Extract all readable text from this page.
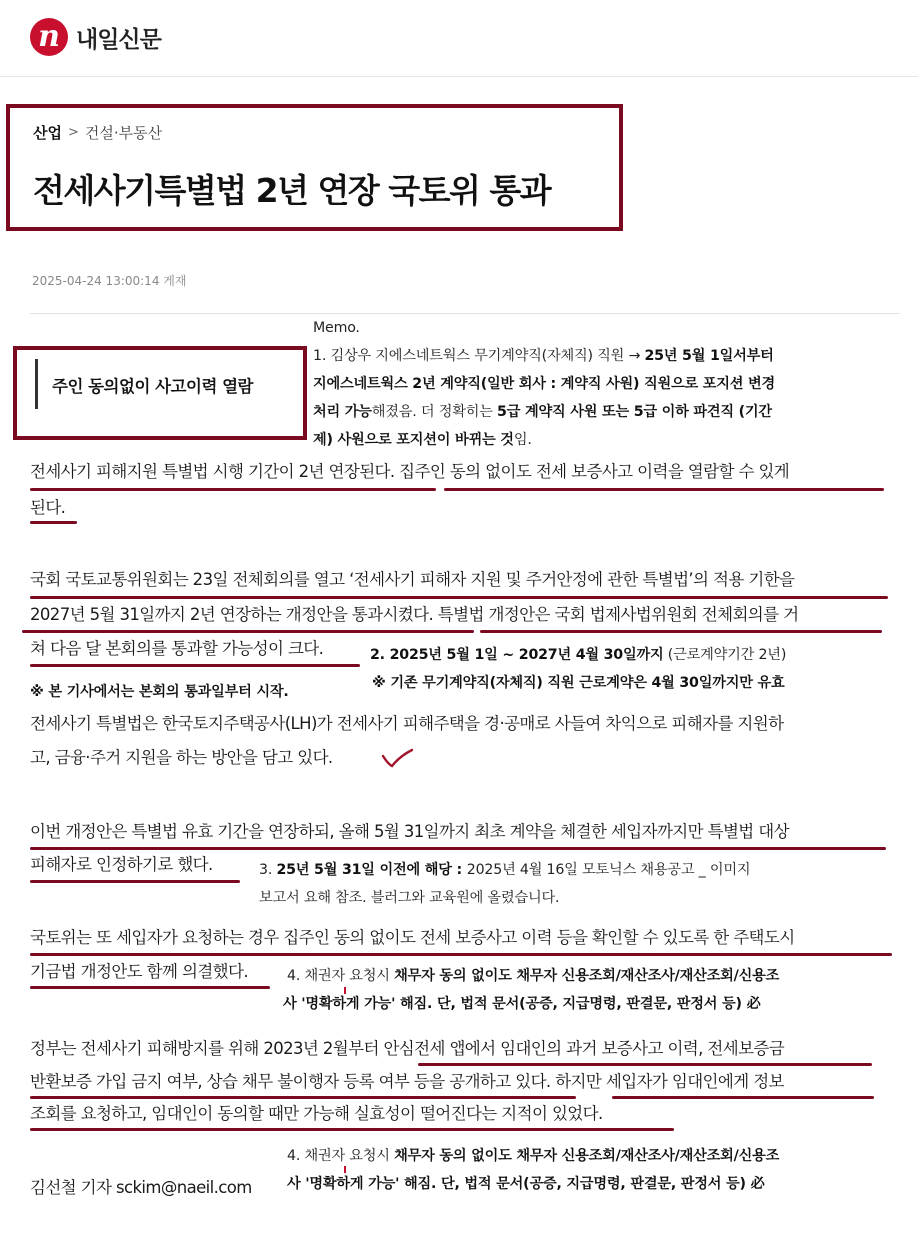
n 내일신문
산업 > 건설·부동산
전세사기특별법 2년 연장 국토위 통과
2025-04-24 13:00:14 게재
주인 동의없이 사고이력 열람
Memo.
1. 김상우 지에스네트웍스 무기계약직(자체직) 직원 → 25년 5월 1일서부터
지에스네트웍스 2년 계약직(일반 회사 : 계약직 사원) 직원으로 포지션 변경
처리 가능해졌음. 더 정확히는 5급 계약직 사원 또는 5급 이하 파견직 (기간
제) 사원으로 포지션이 바뀌는 것임.
전세사기 피해지원 특별법 시행 기간이 2년 연장된다. 집주인 동의 없이도 전세 보증사고 이력을 열람할 수 있게
된다.
국회 국토교통위원회는 23일 전체회의를 열고 ‘전세사기 피해자 지원 및 주거안정에 관한 특별법’의 적용 기한을
2027년 5월 31일까지 2년 연장하는 개정안을 통과시켰다. 특별법 개정안은 국회 법제사법위원회 전체회의를 거
쳐 다음 달 본회의를 통과할 가능성이 크다.	2. 2025년 5월 1일 ~ 2027년 4월 30일까지 (근로계약기간 2년)
※ 기존 무기계약직(자체직) 직원 근로계약은 4월 30일까지만 유효
※ 본 기사에서는 본회의 통과일부터 시작.
전세사기 특별법은 한국토지주택공사(LH)가 전세사기 피해주택을 경·공매로 사들여 차익으로 피해자를 지원하
고, 금융·주거 지원을 하는 방안을 담고 있다.
이번 개정안은 특별법 유효 기간을 연장하되, 올해 5월 31일까지 최초 계약을 체결한 세입자까지만 특별법 대상
피해자로 인정하기로 했다.	3. 25년 5월 31일 이전에 해당 : 2025년 4월 16일 모토닉스 채용공고 _ 이미지
보고서 요해 참조. 블러그와 교육원에 올렸습니다.
국토위는 또 세입자가 요청하는 경우 집주인 동의 없이도 전세 보증사고 이력 등을 확인할 수 있도록 한 주택도시
기금법 개정안도 함께 의결했다.	4. 채권자 요청시 채무자 동의 없이도 채무자 신용조회/재산조사/재산조회/신용조
사 '명확하게 가능' 해짐. 단, 법적 문서(공증, 지급명령, 판결문, 판정서 등) 必
정부는 전세사기 피해방지를 위해 2023년 2월부터 안심전세 앱에서 임대인의 과거 보증사고 이력, 전세보증금
반환보증 가입 금지 여부, 상습 채무 불이행자 등록 여부 등을 공개하고 있다. 하지만 세입자가 임대인에게 정보
조회를 요청하고, 임대인이 동의할 때만 가능해 실효성이 떨어진다는 지적이 있었다.
4. 채권자 요청시 채무자 동의 없이도 채무자 신용조회/재산조사/재산조회/신용조
사 '명확하게 가능' 해짐. 단, 법적 문서(공증, 지급명령, 판결문, 판정서 등) 必
김선철 기자 sckim@naeil.com
